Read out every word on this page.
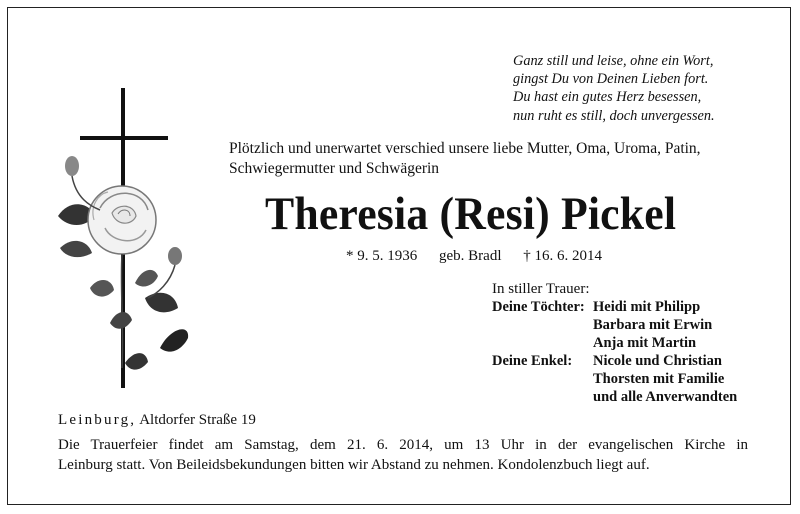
Ganz still und leise, ohne ein Wort,
gingst Du von Deinen Lieben fort.
Du hast ein gutes Herz besessen,
nun ruht es still, doch unvergessen.
Plötzlich und unerwartet verschied unsere liebe Mutter, Oma, Uroma, Patin,
Schwiegermutter und Schwägerin
Theresia (Resi) Pickel
* 9. 5. 1936 geb. Bradl † 16. 6. 2014
In stiller Trauer:
Deine Töchter: Heidi mit Philipp
Barbara mit Erwin
Anja mit Martin
Deine Enkel:	Nicole und Christian
Thorsten mit Familie
und alle Anverwandten
Leinburg, Altdorfer Straße 19
Die Trauerfeier findet am Samstag, dem 21. 6. 2014, um 13 Uhr in der evangelischen Kirche in
Leinburg statt. Von Beileidsbekundungen bitten wir Abstand zu nehmen. Kondolenzbuch liegt auf.
